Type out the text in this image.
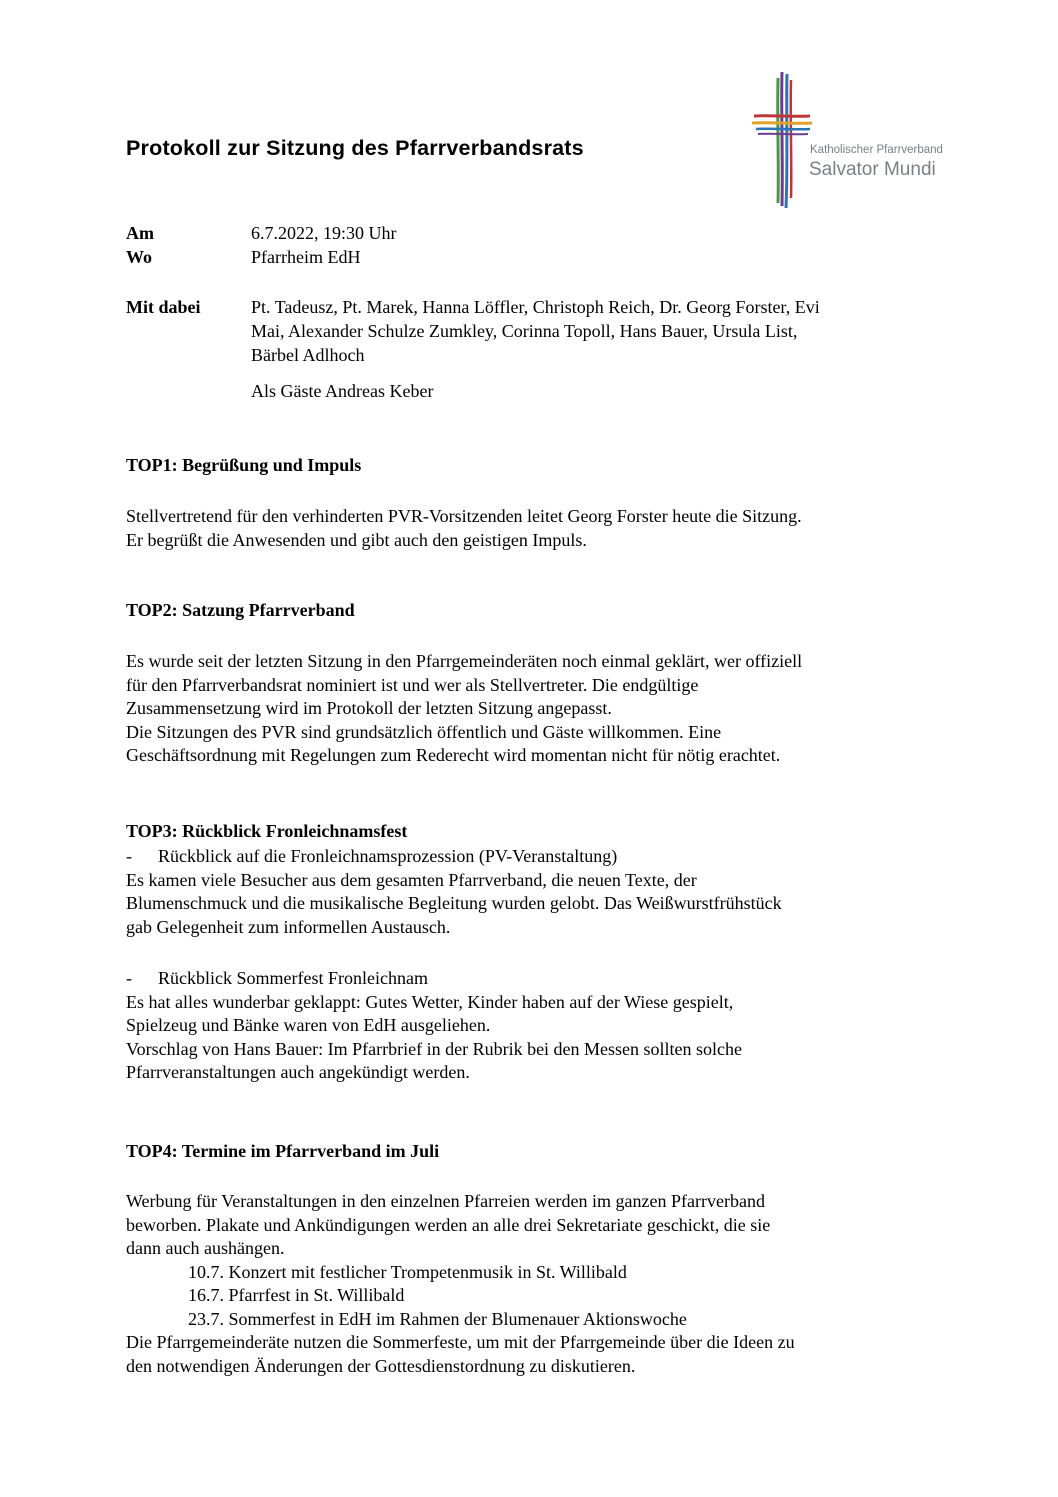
Protokoll zur Sitzung des Pfarrverbandsrats	Katholischer Pfarrverband
Salvator Mundi
Am	6.7.2022, 19:30 Uhr
Wo	Pfarrheim EdH
Mit dabei	Pt. Tadeusz, Pt. Marek, Hanna Löffler, Christoph Reich, Dr. Georg Forster, Evi
Mai, Alexander Schulze Zumkley, Corinna Topoll, Hans Bauer, Ursula List,
Bärbel Adlhoch
Als Gäste Andreas Keber
TOP1: Begrüßung und Impuls
Stellvertretend für den verhinderten PVR-Vorsitzenden leitet Georg Forster heute die Sitzung.
Er begrüßt die Anwesenden und gibt auch den geistigen Impuls.
TOP2: Satzung Pfarrverband
Es wurde seit der letzten Sitzung in den Pfarrgemeinderäten noch einmal geklärt, wer offiziell
für den Pfarrverbandsrat nominiert ist und wer als Stellvertreter. Die endgültige
Zusammensetzung wird im Protokoll der letzten Sitzung angepasst.
Die Sitzungen des PVR sind grundsätzlich öffentlich und Gäste willkommen. Eine
Geschäftsordnung mit Regelungen zum Rederecht wird momentan nicht für nötig erachtet.
TOP3: Rückblick Fronleichnamsfest
- Rückblick auf die Fronleichnamsprozession (PV-Veranstaltung)
Es kamen viele Besucher aus dem gesamten Pfarrverband, die neuen Texte, der
Blumenschmuck und die musikalische Begleitung wurden gelobt. Das Weißwurstfrühstück
gab Gelegenheit zum informellen Austausch.
- Rückblick Sommerfest Fronleichnam
Es hat alles wunderbar geklappt: Gutes Wetter, Kinder haben auf der Wiese gespielt,
Spielzeug und Bänke waren von EdH ausgeliehen.
Vorschlag von Hans Bauer: Im Pfarrbrief in der Rubrik bei den Messen sollten solche
Pfarrveranstaltungen auch angekündigt werden.
TOP4: Termine im Pfarrverband im Juli
Werbung für Veranstaltungen in den einzelnen Pfarreien werden im ganzen Pfarrverband
beworben. Plakate und Ankündigungen werden an alle drei Sekretariate geschickt, die sie
dann auch aushängen.
10.7. Konzert mit festlicher Trompetenmusik in St. Willibald
16.7. Pfarrfest in St. Willibald
23.7. Sommerfest in EdH im Rahmen der Blumenauer Aktionswoche
Die Pfarrgemeinderäte nutzen die Sommerfeste, um mit der Pfarrgemeinde über die Ideen zu
den notwendigen Änderungen der Gottesdienstordnung zu diskutieren.
